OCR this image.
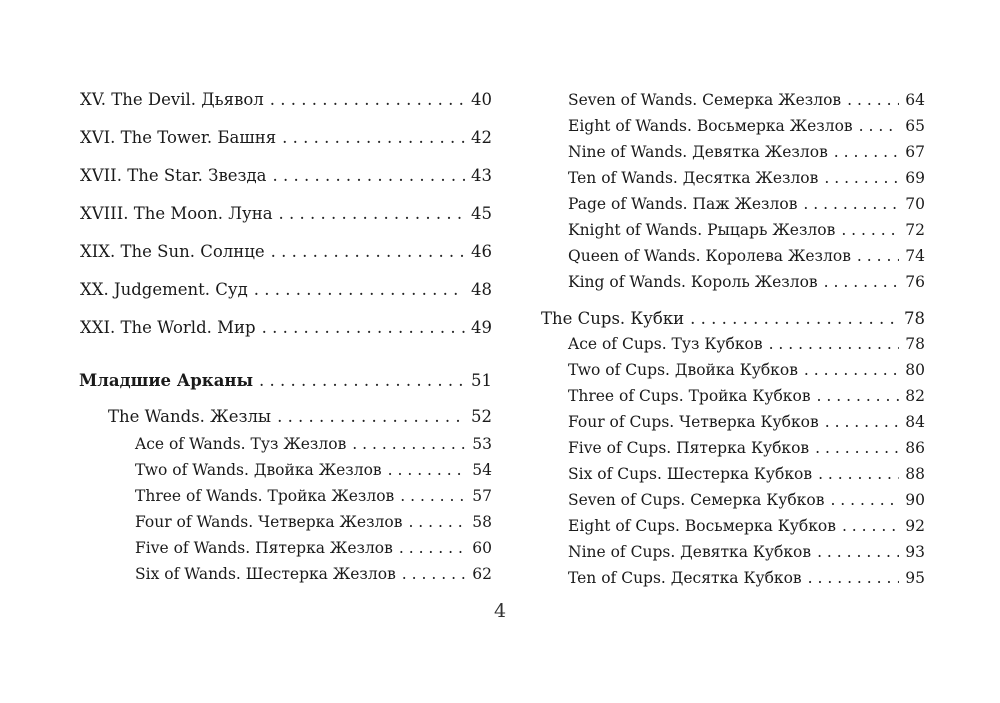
XV. The Devil. Дьявол . . .	40
XVI. The Tower. Башня . . .	42
XVII. The Star. Звезда . . .	43
XVIII. The Moon. Луна . . .	45
XIX. The Sun. Солнце . . .	46
XX. Judgement. Суд . . .	48
XXI. The World. Мир . . .	49
Младшие Арканы . . .	51
The Wands. Жезлы . . .	52
Ace of Wands. Туз Жезлов . . .	53
Two of Wands. Двойка Жезлов . . .	54
Three of Wands. Тройка Жезлов . . .	57
Four of Wands. Четверка Жезлов . . .	58
Five of Wands. Пятерка Жезлов . . .	60
Six of Wands. Шестерка Жезлов . . .	62
Seven of Wands. Семерка Жезлов . . .	64
Eight of Wands. Восьмерка Жезлов . . .	65
Nine of Wands. Девятка Жезлов . . .	67
Ten of Wands. Десятка Жезлов . . .	69
Page of Wands. Паж Жезлов . . .	70
Knight of Wands. Рыцарь Жезлов . . .	72
Queen of Wands. Королева Жезлов . . .	74
King of Wands. Король Жезлов . . .	76
The Cups. Кубки . . .	78
Ace of Cups. Туз Кубков . . .	78
Two of Cups. Двойка Кубков . . .	80
Three of Cups. Тройка Кубков . . .	82
Four of Cups. Четверка Кубков . . .	84
Five of Cups. Пятерка Кубков . . .	86
Six of Cups. Шестерка Кубков . . .	88
Seven of Cups. Семерка Кубков . . .	90
Eight of Cups. Восьмерка Кубков . . .	92
Nine of Cups. Девятка Кубков . . .	93
Ten of Cups. Десятка Кубков . . .	95
4
